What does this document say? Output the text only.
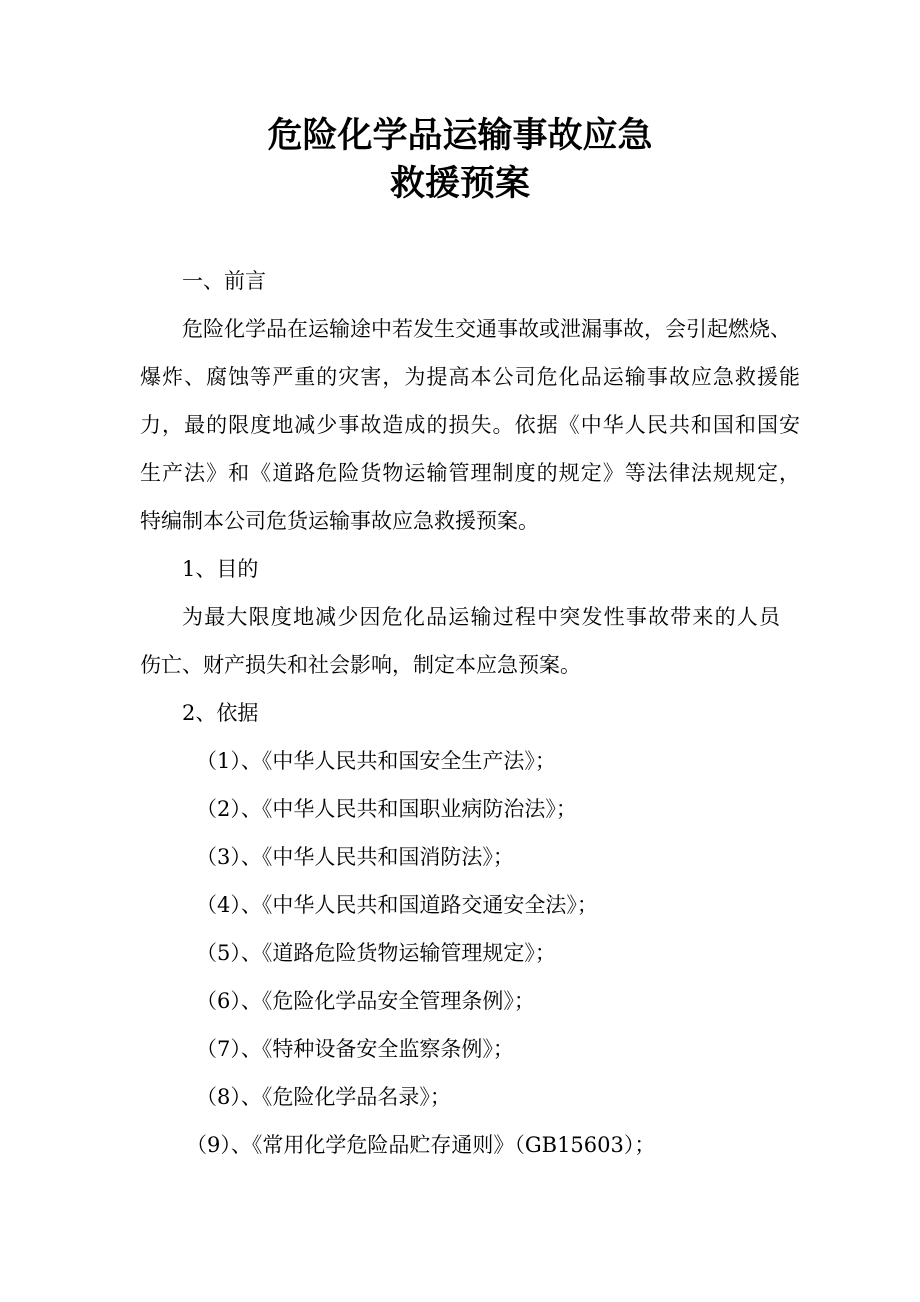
危险化学品运输事故应急
救援预案
一、前言
危险化学品在运输途中若发生交通事故或泄漏事故，会引起燃烧、
爆炸、腐蚀等严重的灾害，为提高本公司危化品运输事故应急救援能
力，最的限度地减少事故造成的损失。依据《中华人民共和国和国安
生产法》和《道路危险货物运输管理制度的规定》等法律法规规定，
特编制本公司危货运输事故应急救援预案。
1、目的
为最大限度地减少因危化品运输过程中突发性事故带来的人员
伤亡、财产损失和社会影响，制定本应急预案。
2、依据
（1）、《中华人民共和国安全生产法》；
（2）、《中华人民共和国职业病防治法》；
（3）、《中华人民共和国消防法》；
（4）、《中华人民共和国道路交通安全法》；
（5）、《道路危险货物运输管理规定》；
（6）、《危险化学品安全管理条例》；
（7）、《特种设备安全监察条例》；
（8）、《危险化学品名录》；
（9）、《常用化学危险品贮存通则》（GB15603）；
